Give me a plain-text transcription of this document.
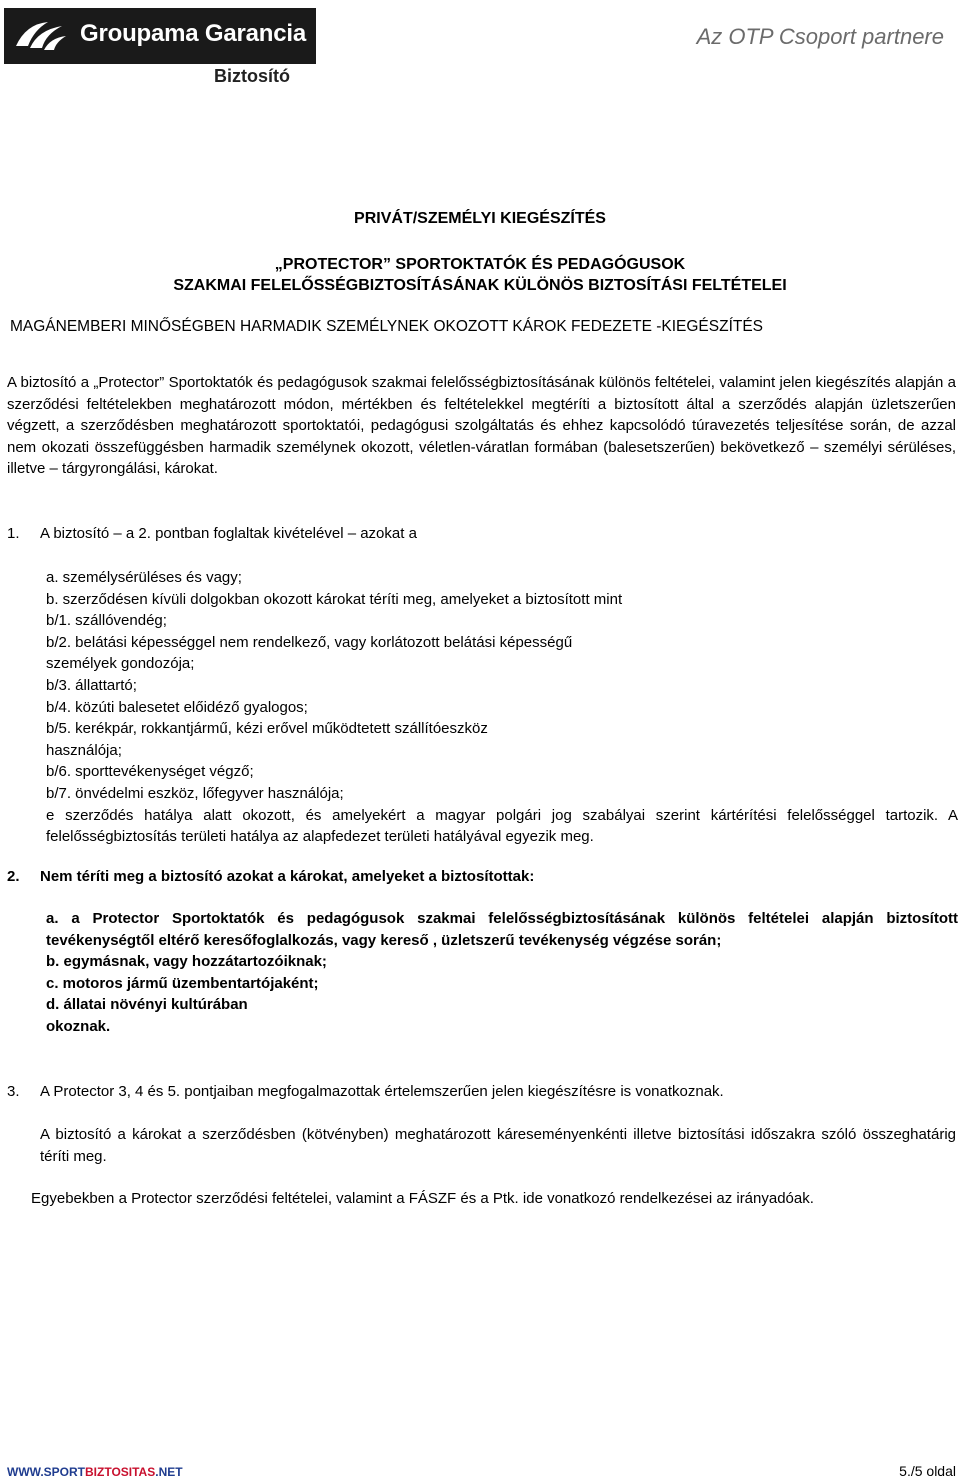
Groupama Garancia
Biztosító
Az OTP Csoport partnere
PRIVÁT/SZEMÉLYI KIEGÉSZÍTÉS
„PROTECTOR” SPORTOKTATÓK ÉS PEDAGÓGUSOK
SZAKMAI FELELŐSSÉGBIZTOSÍTÁSÁNAK KÜLÖNÖS BIZTOSÍTÁSI FELTÉTELEI
MAGÁNEMBERI MINŐSÉGBEN HARMADIK SZEMÉLYNEK OKOZOTT KÁROK FEDEZETE -KIEGÉSZÍTÉS
A biztosító a „Protector” Sportoktatók és pedagógusok szakmai felelősségbiztosításának különös feltételei, valamint jelen kiegészítés alapján a szerződési feltételekben meghatározott módon, mértékben és feltételekkel megtéríti a biztosított által a szerződés alapján üzletszerűen végzett, a szerződésben meghatározott sportoktatói, pedagógusi szolgáltatás és ehhez kapcsolódó túravezetés teljesítése során, de azzal nem okozati összefüggésben harmadik személynek okozott, véletlen-váratlan formában (balesetszerűen) bekövetkező – személyi sérüléses, illetve – tárgyrongálási, károkat.
1. A biztosító – a 2. pontban foglaltak kivételével – azokat a
a. személysérüléses és vagy;
b. szerződésen kívüli dolgokban okozott károkat téríti meg, amelyeket a biztosított mint
b/1. szállóvendég;
b/2. belátási képességgel nem rendelkező, vagy korlátozott belátási képességű
személyek gondozója;
b/3. állattartó;
b/4. közúti balesetet előidéző gyalogos;
b/5. kerékpár, rokkantjármű, kézi erővel működtetett szállítóeszköz
használója;
b/6. sporttevékenységet végző;
b/7. önvédelmi eszköz, lőfegyver használója;
e szerződés hatálya alatt okozott, és amelyekért a magyar polgári jog szabályai szerint kártérítési felelősséggel tartozik. A felelősségbiztosítás területi hatálya az alapfedezet területi hatályával egyezik meg.
2. Nem téríti meg a biztosító azokat a károkat, amelyeket a biztosítottak:
a. a Protector Sportoktatók és pedagógusok szakmai felelősségbiztosításának különös feltételei alapján biztosított tevékenységtől eltérő keresőfoglalkozás, vagy kereső , üzletszerű tevékenység végzése során;
b. egymásnak, vagy hozzátartozóiknak;
c. motoros jármű üzembentartójaként;
d. állatai növényi kultúrában
okoznak.
3. A Protector 3, 4 és 5. pontjaiban megfogalmazottak értelemszerűen jelen kiegészítésre is vonatkoznak.
A biztosító a károkat a szerződésben (kötvényben) meghatározott káreseményenkénti illetve biztosítási időszakra szóló összeghatárig téríti meg.
Egyebekben a Protector szerződési feltételei, valamint a FÁSZF és a Ptk. ide vonatkozó rendelkezései az irányadóak.
WWW.SPORTBIZTOSITAS.NET	5./5 oldal
